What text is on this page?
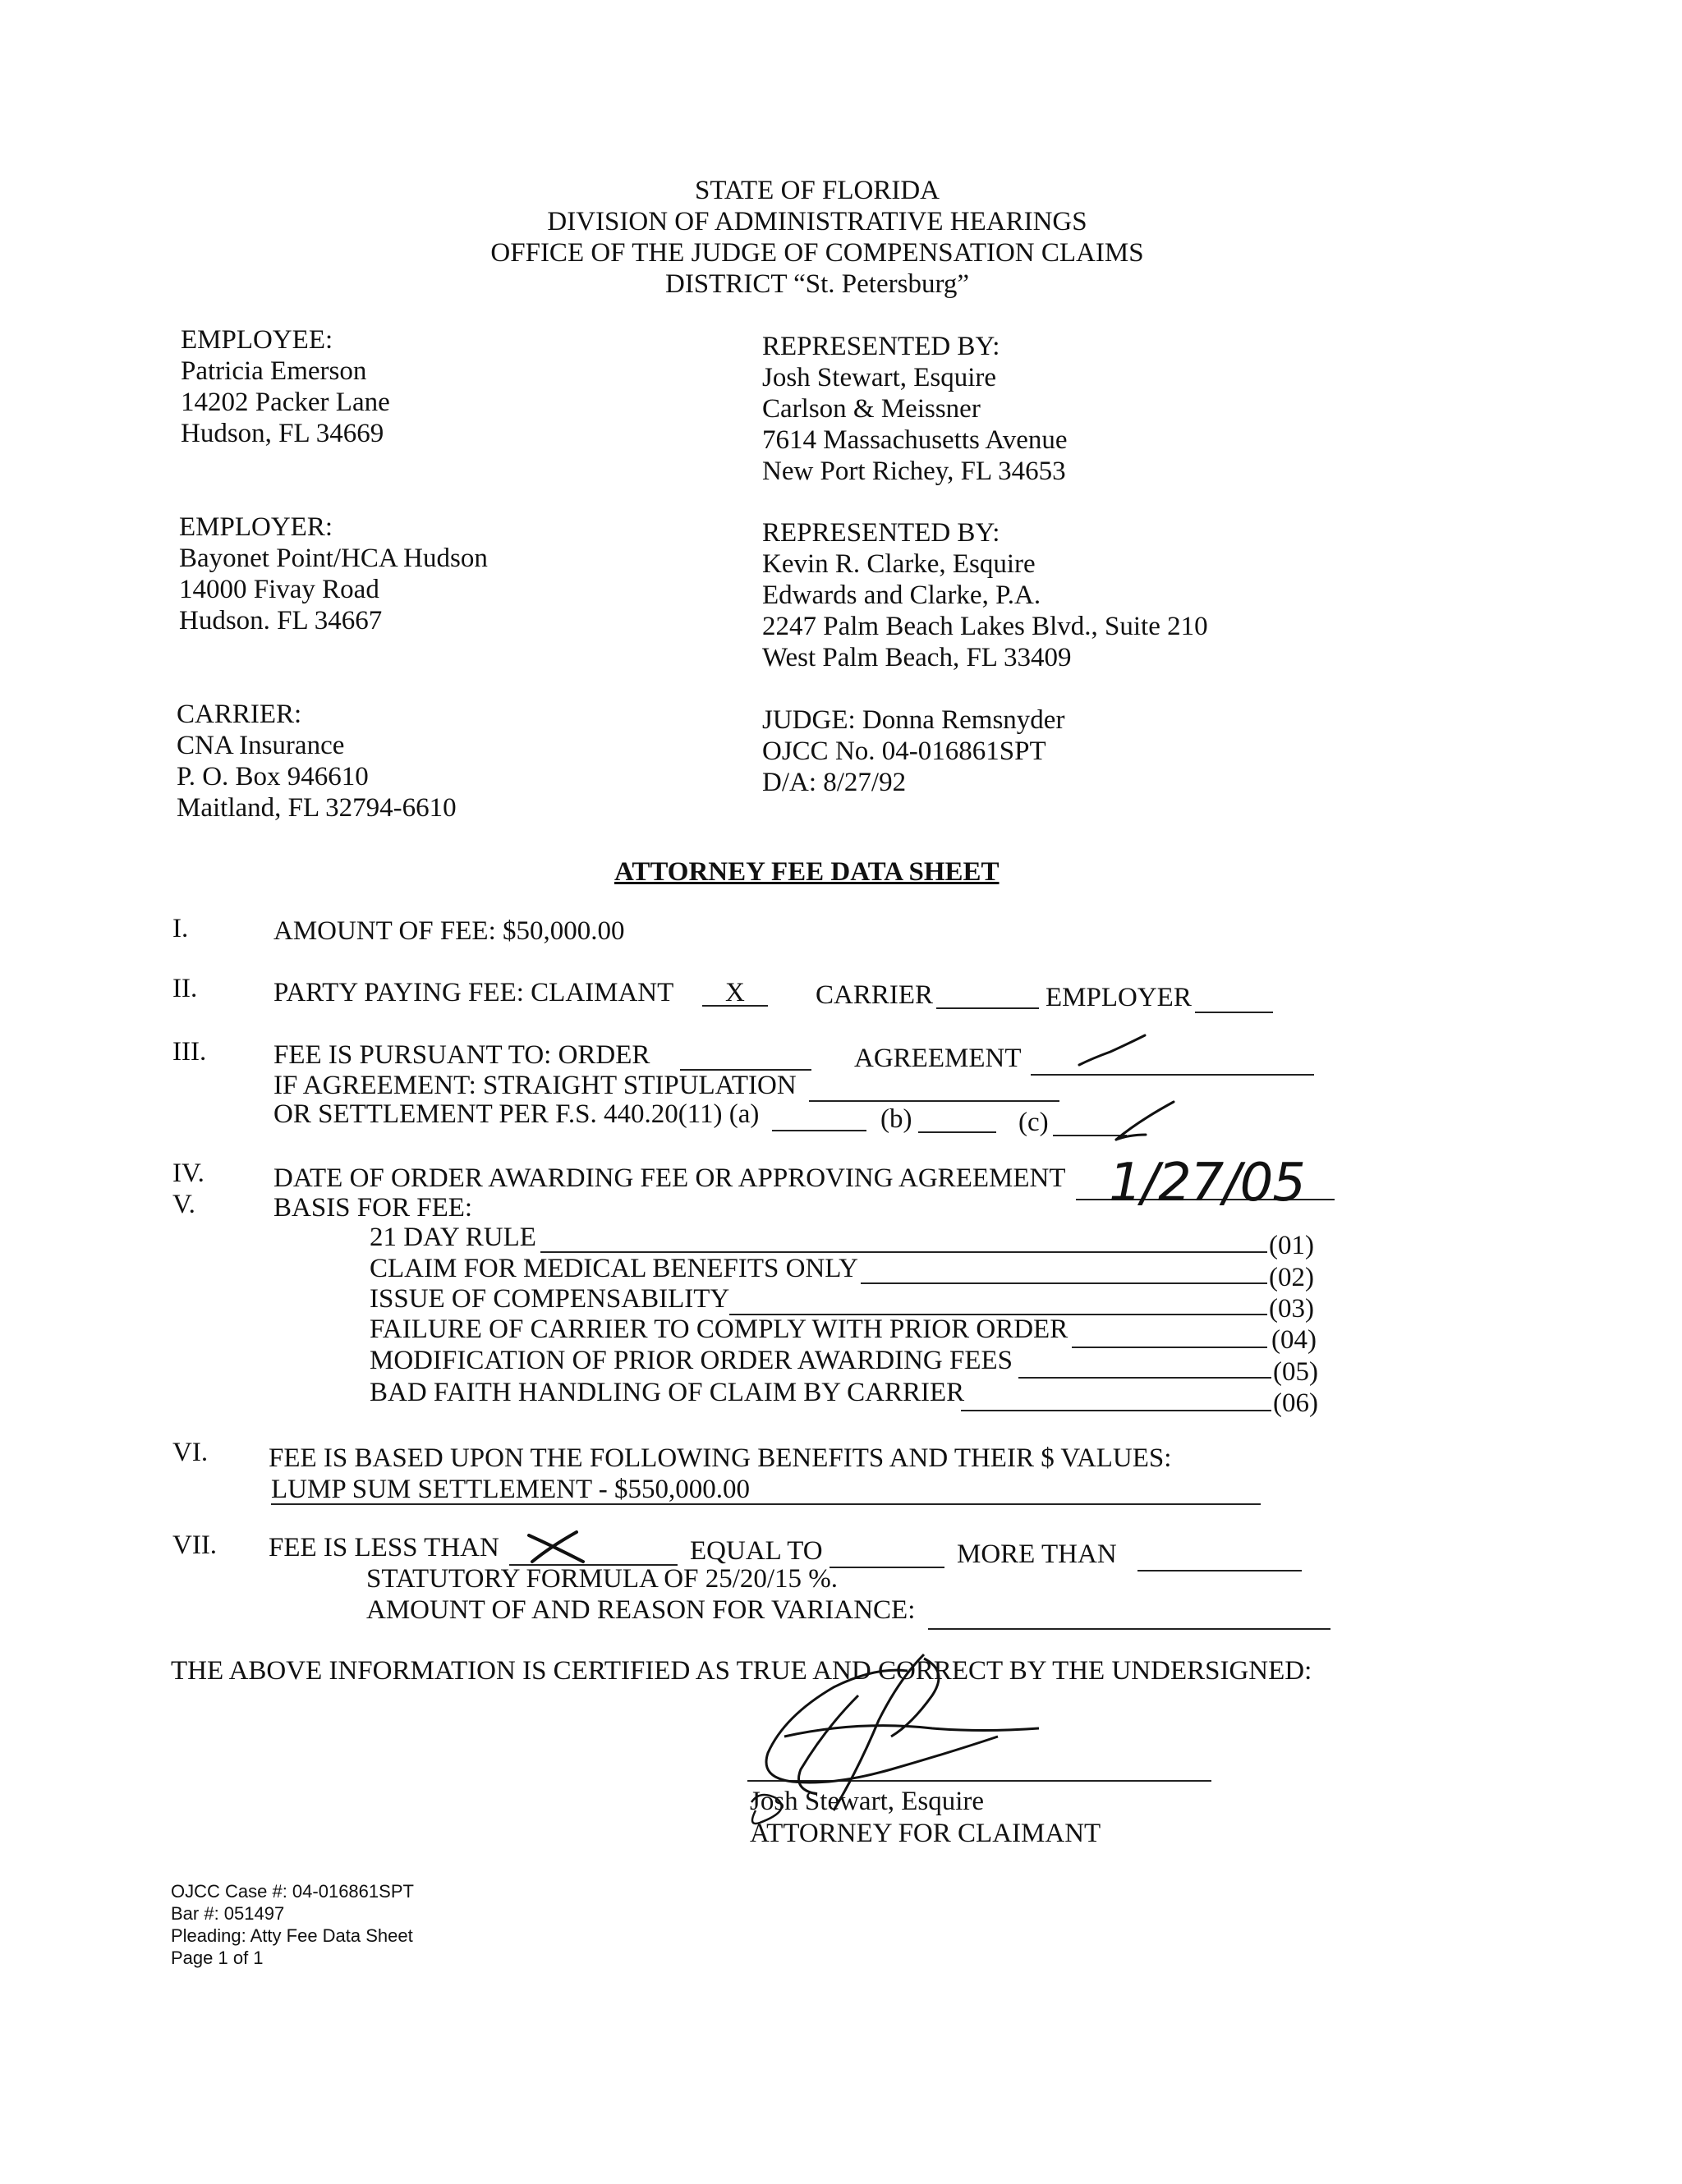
STATE OF FLORIDA
DIVISION OF ADMINISTRATIVE HEARINGS
OFFICE OF THE JUDGE OF COMPENSATION CLAIMS
DISTRICT “St. Petersburg”
EMPLOYEE:
Patricia Emerson
14202 Packer Lane
Hudson, FL 34669
REPRESENTED BY:
Josh Stewart, Esquire
Carlson & Meissner
7614 Massachusetts Avenue
New Port Richey, FL 34653
EMPLOYER:
Bayonet Point/HCA Hudson
14000 Fivay Road
Hudson. FL 34667
REPRESENTED BY:
Kevin R. Clarke, Esquire
Edwards and Clarke, P.A.
2247 Palm Beach Lakes Blvd., Suite 210
West Palm Beach, FL 33409
CARRIER:
CNA Insurance
P. O. Box 946610
Maitland, FL 32794-6610
JUDGE: Donna Remsnyder
OJCC No. 04-016861SPT
D/A: 8/27/92
ATTORNEY FEE DATA SHEET
I.	AMOUNT OF FEE: $50,000.00
II.	PARTY PAYING FEE: CLAIMANT X	CARRIER	EMPLOYER
III. FEE IS PURSUANT TO: ORDER	AGREEMENT
IF AGREEMENT: STRAIGHT STIPULATION
OR SETTLEMENT PER F.S. 440.20(11) (a)	(b)	(c)
IV.	DATE OF ORDER AWARDING FEE OR APPROVING AGREEMENT 1/27/05
V.	BASIS FOR FEE:
21 DAY RULE	(01)
CLAIM FOR MEDICAL BENEFITS ONLY	(02)
ISSUE OF COMPENSABILITY	(03)
FAILURE OF CARRIER TO COMPLY WITH PRIOR ORDER	(04)
MODIFICATION OF PRIOR ORDER AWARDING FEES	(05)
BAD FAITH HANDLING OF CLAIM BY CARRIER	(06)
VI. FEE IS BASED UPON THE FOLLOWING BENEFITS AND THEIR $ VALUES:
LUMP SUM SETTLEMENT - $550,000.00
VII. FEE IS LESS THAN	EQUAL TO	MORE THAN
STATUTORY FORMULA OF 25/20/15 %.
AMOUNT OF AND REASON FOR VARIANCE:
THE ABOVE INFORMATION IS CERTIFIED AS TRUE AND CORRECT BY THE UNDERSIGNED:
Josh Stewart, Esquire
ATTORNEY FOR CLAIMANT
OJCC Case #: 04-016861SPT
Bar #: 051497
Pleading: Atty Fee Data Sheet
Page 1 of 1
